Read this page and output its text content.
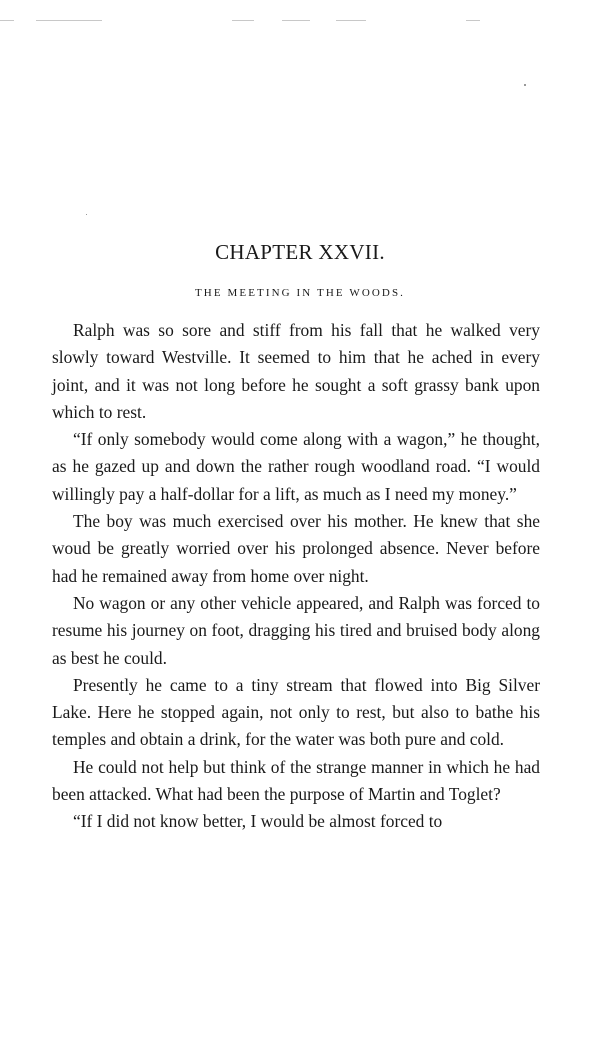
CHAPTER XXVII.
THE MEETING IN THE WOODS.

Ralph was so sore and stiff from his fall that he walked very slowly toward Westville. It seemed to him that he ached in every joint, and it was not long before he sought a soft grassy bank upon which to rest.

“If only somebody would come along with a wagon,” he thought, as he gazed up and down the rather rough woodland road. “I would willingly pay a half-dollar for a lift, as much as I need my money.”

The boy was much exercised over his mother. He knew that she woud be greatly worried over his prolonged absence. Never before had he remained away from home over night.

No wagon or any other vehicle appeared, and Ralph was forced to resume his journey on foot, dragging his tired and bruised body along as best he could.

Presently he came to a tiny stream that flowed into Big Silver Lake. Here he stopped again, not only to rest, but also to bathe his temples and obtain a drink, for the water was both pure and cold.

He could not help but think of the strange manner in which he had been attacked. What had been the purpose of Martin and Toglet?

“If I did not know better, I would be almost forced to
